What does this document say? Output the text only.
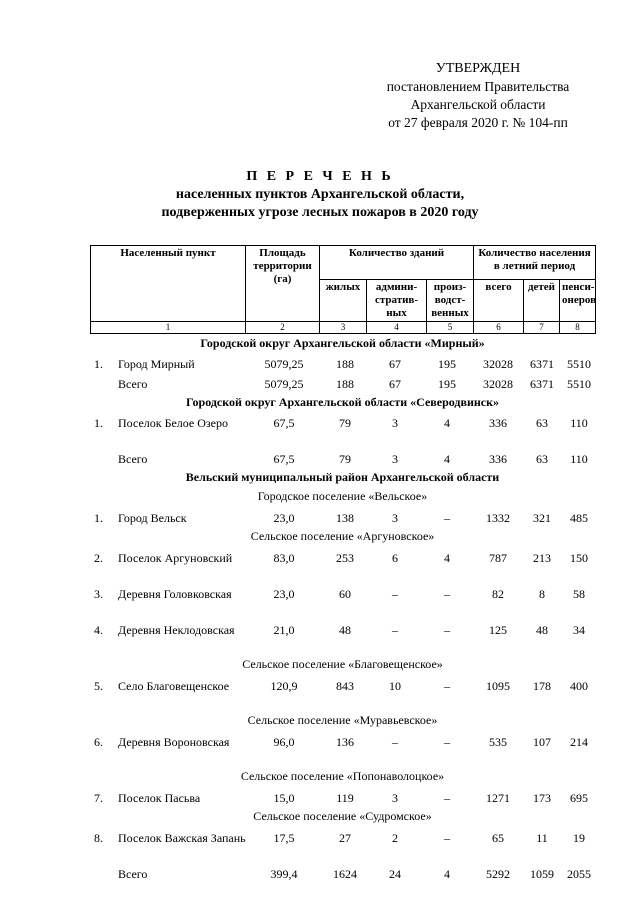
УТВЕРЖДЕН
постановлением Правительства
Архангельской области
от 27 февраля 2020 г. № 104-пп
П Е Р Е Ч Е Н Ь
населенных пунктов Архангельской области,
подверженных угрозе лесных пожаров в 2020 году
Населенный пункт	Площадь территории (га)	Количество зданий			Количество населения в летний период		
		жилых	админи-стратив-ных	произ-водст-венных	всего	детей	пенси-онеров
1	2	3	4	5	6	7	8
Городской округ Архангельской области «Мирный»
1. Город Мирный	5079,25	188	67	195	32028	6371	5510
Всего	5079,25	188	67	195	32028	6371	5510
Городской округ Архангельской области «Северодвинск»
1. Поселок Белое Озеро	67,5	79	3	4	336	63	110
Всего	67,5	79	3	4	336	63	110
Вельский муниципальный район Архангельской области
Городское поселение «Вельское»
1. Город Вельск	23,0	138	3	–	1332	321	485
Сельское поселение «Аргуновское»
2. Поселок Аргуновский	83,0	253	6	4	787	213	150
3. Деревня Головковская	23,0	60	–	–	82	8	58
4. Деревня Неклодовская	21,0	48	–	–	125	48	34
Сельское поселение «Благовещенское»
5. Село Благовещенское	120,9	843	10	–	1095	178	400
Сельское поселение «Муравьевское»
6. Деревня Вороновская	96,0	136	–	–	535	107	214
Сельское поселение «Попонаволоцкое»
7. Поселок Пасьва	15,0	119	3	–	1271	173	695
Сельское поселение «Судромское»
8. Поселок Важская Запань	17,5	27	2	–	65	11	19
Всего	399,4	1624	24	4	5292	1059	2055
